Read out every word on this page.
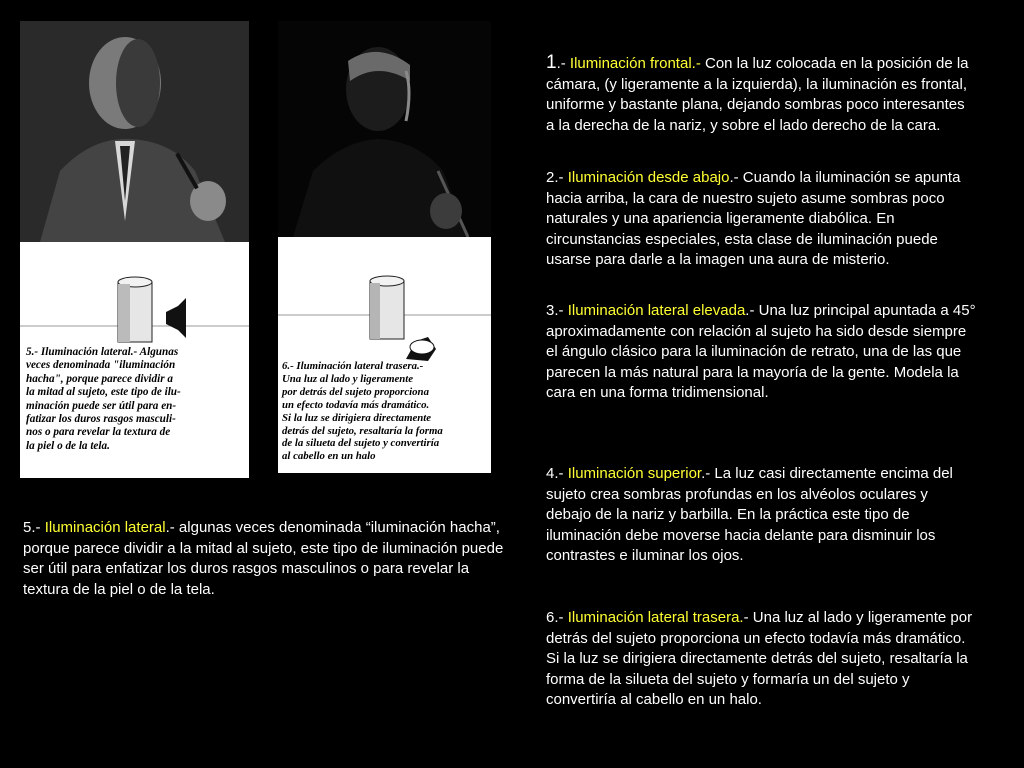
5.- Iluminación lateral.- Algunas
veces denominada "iluminación
hacha", porque parece dividir a
la mitad al sujeto, este tipo de ilu-
minación puede ser útil para en-
fatizar los duros rasgos masculi-
nos o para revelar la textura de
la piel o de la tela.
6.- Iluminación lateral trasera.-
Una luz al lado y ligeramente
por detrás del sujeto proporciona
un efecto todavía más dramático.
Si la luz se dirigiera directamente
detrás del sujeto, resaltaría la forma
de la silueta del sujeto y convertiría
al cabello en un halo
1.- Iluminación frontal.- Con la luz colocada en la posición de la cámara, (y ligeramente a la izquierda), la iluminación es frontal, uniforme y bastante plana, dejando sombras poco interesantes a la derecha de la nariz, y sobre el lado derecho de la cara.
2.- Iluminación desde abajo.- Cuando la iluminación se apunta hacia arriba, la cara de nuestro sujeto asume sombras poco naturales y una apariencia ligeramente diabólica. En circunstancias especiales, esta clase de iluminación puede usarse para darle a la imagen una aura de misterio.
3.- Iluminación lateral elevada.- Una luz principal apuntada a 45° aproximadamente con relación al sujeto ha sido desde siempre el ángulo clásico para la iluminación de retrato, una de las que parecen la más natural para la mayoría de la gente. Modela la cara en una forma tridimensional.
4.- Iluminación superior.- La luz casi directamente encima del sujeto crea sombras profundas en los alvéolos oculares y debajo de la nariz y barbilla. En la práctica este tipo de iluminación debe moverse hacia delante para disminuir los contrastes e iluminar los ojos.
6.- Iluminación lateral trasera.- Una luz al lado y ligeramente por detrás del sujeto proporciona un efecto todavía más dramático. Si la luz se dirigiera directamente detrás del sujeto, resaltaría la forma de la silueta del sujeto y formaría un del sujeto y convertiría al cabello en un halo.
5.- Iluminación lateral.- algunas veces denominada “iluminación hacha”, porque parece dividir a la mitad al sujeto, este tipo de iluminación puede ser útil para enfatizar los duros rasgos masculinos o para revelar la textura de la piel o de la tela.
